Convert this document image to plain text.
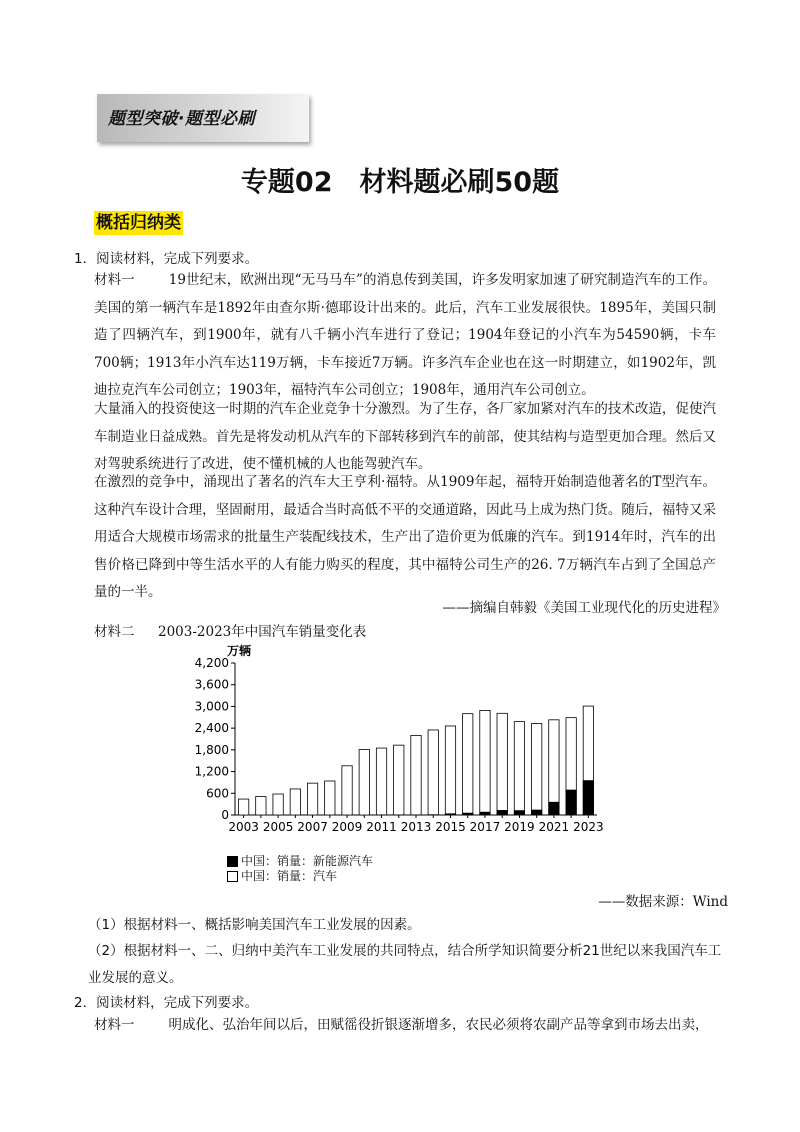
题型突破·题型必刷
专题02　材料题必刷50题
概括归纳类
1．阅读材料，完成下列要求。
材料一	19世纪末，欧洲出现“无马马车”的消息传到美国，许多发明家加速了研究制造汽车的工作。美国的第一辆汽车是1892年由查尔斯·德耶设计出来的。此后，汽车工业发展很快。1895年，美国只制造了四辆汽车，到1900年，就有八千辆小汽车进行了登记；1904年登记的小汽车为54590辆，卡车700辆；1913年小汽车达119万辆，卡车接近7万辆。许多汽车企业也在这一时期建立，如1902年，凯迪拉克汽车公司创立；1903年，福特汽车公司创立；1908年，通用汽车公司创立。
大量涌入的投资使这一时期的汽车企业竞争十分激烈。为了生存，各厂家加紧对汽车的技术改造，促使汽车制造业日益成熟。首先是将发动机从汽车的下部转移到汽车的前部，使其结构与造型更加合理。然后又对驾驶系统进行了改进，使不懂机械的人也能驾驶汽车。
在激烈的竞争中，涌现出了著名的汽车大王亨利·福特。从1909年起，福特开始制造他著名的T型汽车。这种汽车设计合理，坚固耐用，最适合当时高低不平的交通道路，因此马上成为热门货。随后，福特又采用适合大规模市场需求的批量生产装配线技术，生产出了造价更为低廉的汽车。到1914年时，汽车的出售价格已降到中等生活水平的人有能力购买的程度，其中福特公司生产的26. 7万辆汽车占到了全国总产量的一半。
——摘编自韩毅《美国工业现代化的历史进程》
材料二 2003-2023年中国汽车销量变化表
万辆
0
600
1,200
1,800
2,400
3,000
3,600
4,200
2003 2005 2007 2009 2011 2013 2015 2017 2019 2021 2023
中国：销量：新能源汽车
中国：销量：汽车
——数据来源：Wind
（1）根据材料一、概括影响美国汽车工业发展的因素。
（2）根据材料一、二、归纳中美汽车工业发展的共同特点，结合所学知识简要分析21世纪以来我国汽车工业发展的意义。
2．阅读材料，完成下列要求。
材料一	明成化、弘治年间以后，田赋徭役折银逐渐增多，农民必须将农副产品等拿到市场去出卖，
